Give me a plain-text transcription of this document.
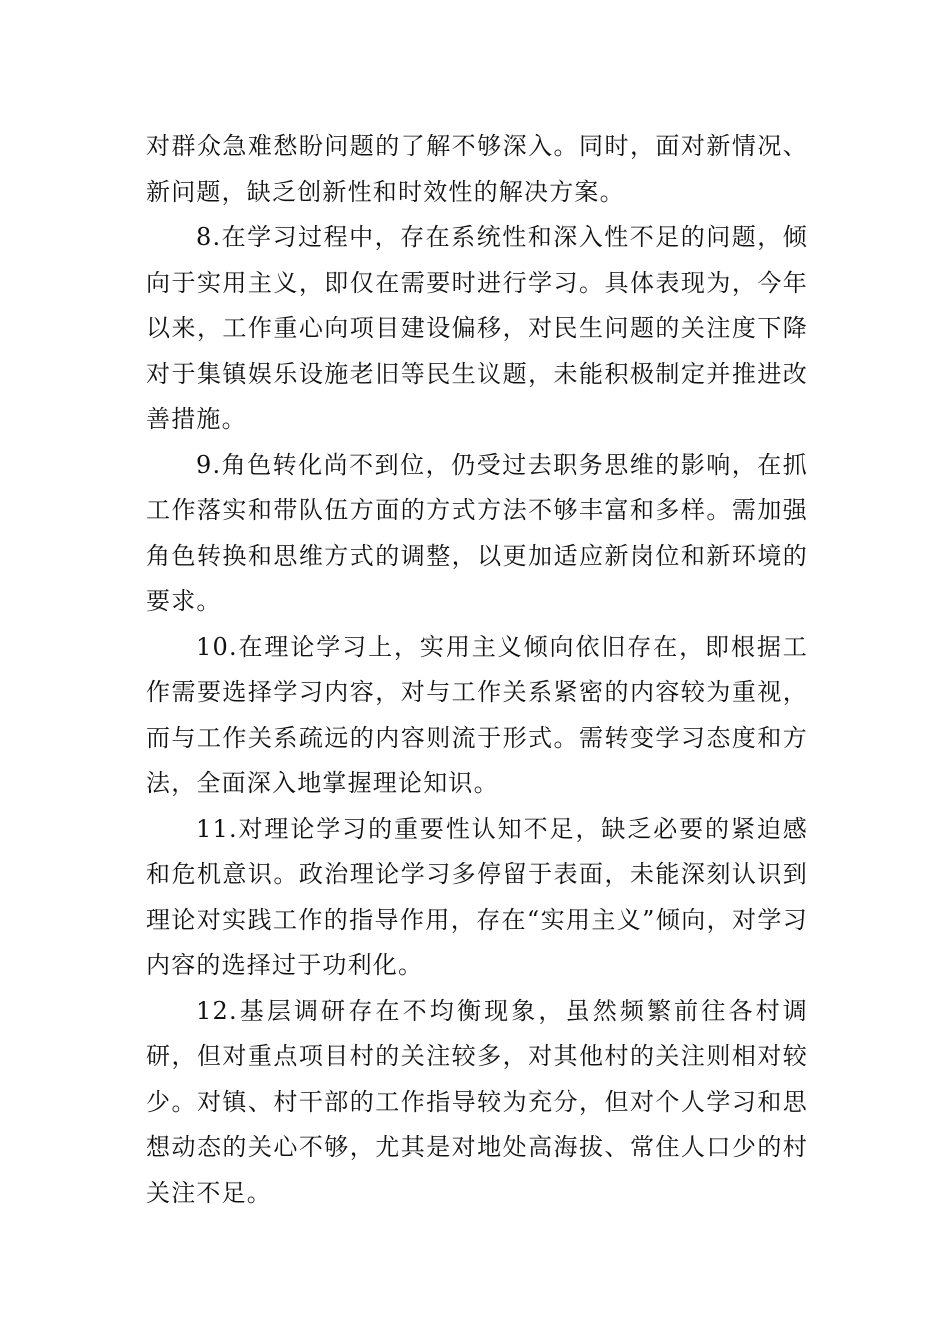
对群众急难愁盼问题的了解不够深入。同时，面对新情况、新问题，缺乏创新性和时效性的解决方案。

8.在学习过程中，存在系统性和深入性不足的问题，倾向于实用主义，即仅在需要时进行学习。具体表现为，今年以来，工作重心向项目建设偏移，对民生问题的关注度下降对于集镇娱乐设施老旧等民生议题，未能积极制定并推进改善措施。

9.角色转化尚不到位，仍受过去职务思维的影响，在抓工作落实和带队伍方面的方式方法不够丰富和多样。需加强角色转换和思维方式的调整，以更加适应新岗位和新环境的要求。

10.在理论学习上，实用主义倾向依旧存在，即根据工作需要选择学习内容，对与工作关系紧密的内容较为重视，而与工作关系疏远的内容则流于形式。需转变学习态度和方法，全面深入地掌握理论知识。

11.对理论学习的重要性认知不足，缺乏必要的紧迫感和危机意识。政治理论学习多停留于表面，未能深刻认识到理论对实践工作的指导作用，存在“实用主义”倾向，对学习内容的选择过于功利化。

12.基层调研存在不均衡现象，虽然频繁前往各村调研，但对重点项目村的关注较多，对其他村的关注则相对较少。对镇、村干部的工作指导较为充分，但对个人学习和思想动态的关心不够，尤其是对地处高海拔、常住人口少的村关注不足。
